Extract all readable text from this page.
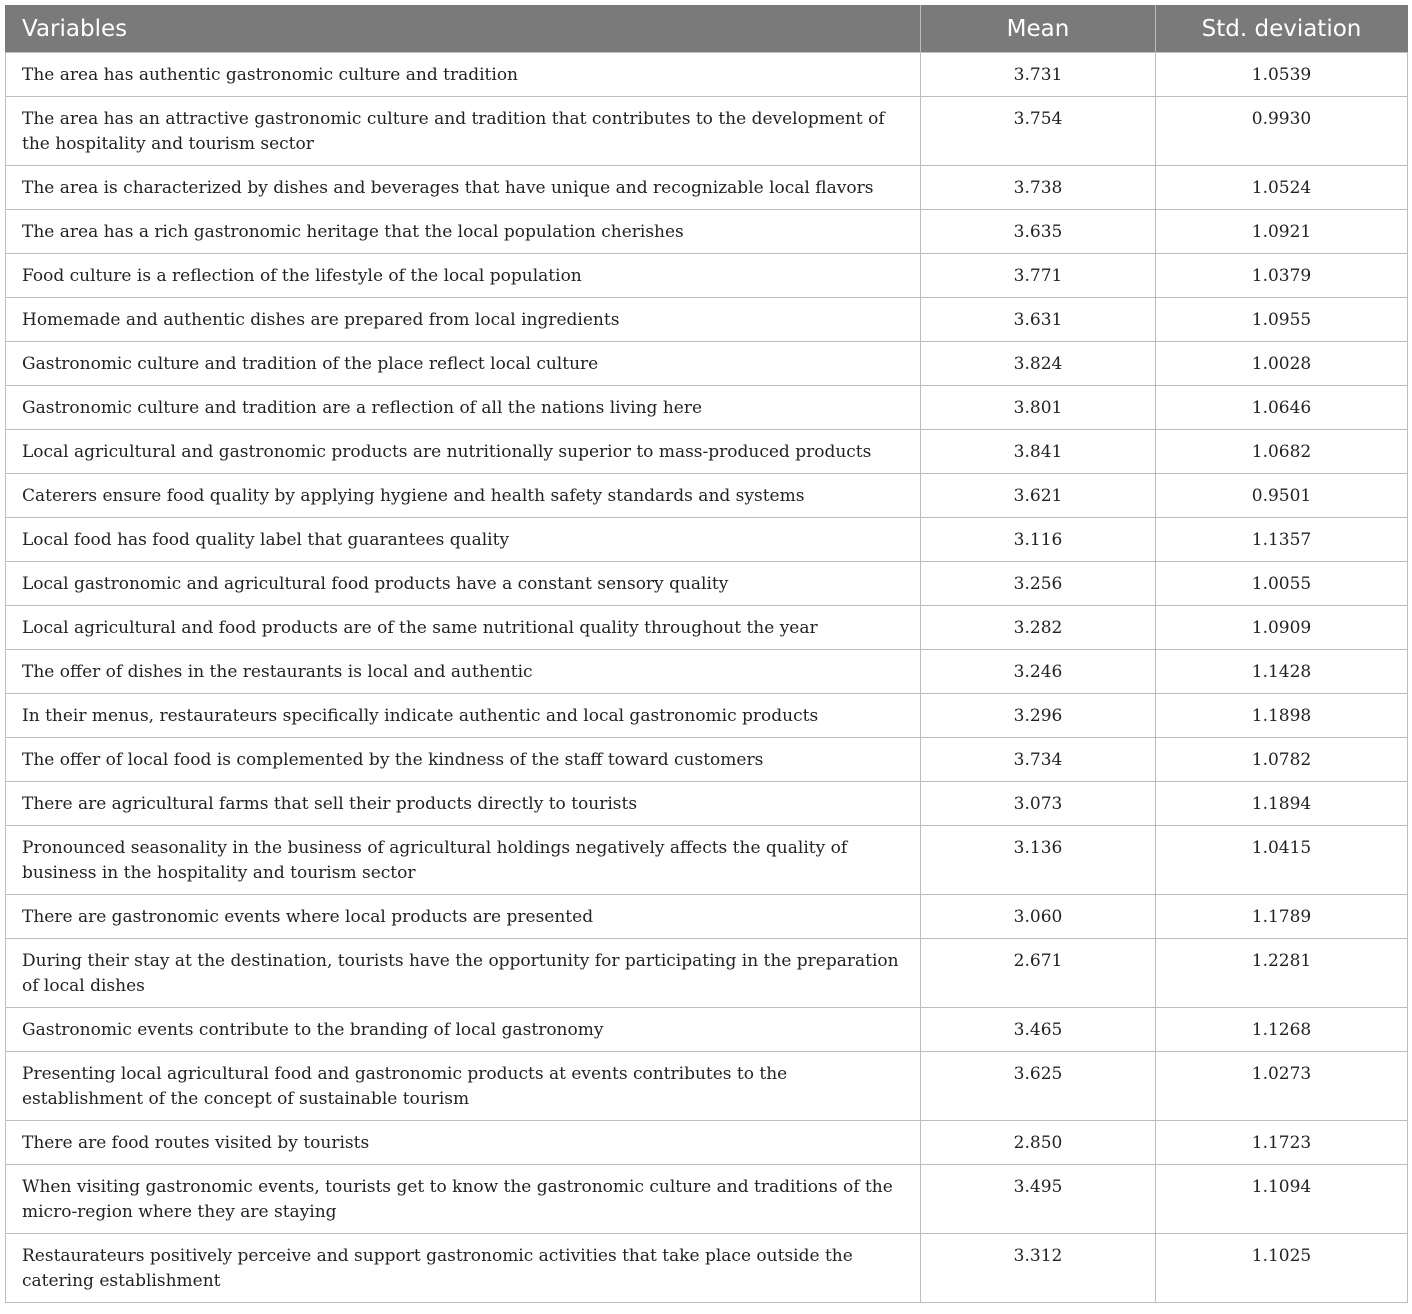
Variables	Mean	Std. deviation
The area has authentic gastronomic culture and tradition	3.731	1.0539
The area has an attractive gastronomic culture and tradition that contributes to the development of the hospitality and tourism sector	3.754	0.9930
The area is characterized by dishes and beverages that have unique and recognizable local flavors	3.738	1.0524
The area has a rich gastronomic heritage that the local population cherishes	3.635	1.0921
Food culture is a reflection of the lifestyle of the local population	3.771	1.0379
Homemade and authentic dishes are prepared from local ingredients	3.631	1.0955
Gastronomic culture and tradition of the place reflect local culture	3.824	1.0028
Gastronomic culture and tradition are a reflection of all the nations living here	3.801	1.0646
Local agricultural and gastronomic products are nutritionally superior to mass-produced products	3.841	1.0682
Caterers ensure food quality by applying hygiene and health safety standards and systems	3.621	0.9501
Local food has food quality label that guarantees quality	3.116	1.1357
Local gastronomic and agricultural food products have a constant sensory quality	3.256	1.0055
Local agricultural and food products are of the same nutritional quality throughout the year	3.282	1.0909
The offer of dishes in the restaurants is local and authentic	3.246	1.1428
In their menus, restaurateurs specifically indicate authentic and local gastronomic products	3.296	1.1898
The offer of local food is complemented by the kindness of the staff toward customers	3.734	1.0782
There are agricultural farms that sell their products directly to tourists	3.073	1.1894
Pronounced seasonality in the business of agricultural holdings negatively affects the quality of business in the hospitality and tourism sector	3.136	1.0415
There are gastronomic events where local products are presented	3.060	1.1789
During their stay at the destination, tourists have the opportunity for participating in the preparation of local dishes	2.671	1.2281
Gastronomic events contribute to the branding of local gastronomy	3.465	1.1268
Presenting local agricultural food and gastronomic products at events contributes to the establishment of the concept of sustainable tourism	3.625	1.0273
There are food routes visited by tourists	2.850	1.1723
When visiting gastronomic events, tourists get to know the gastronomic culture and traditions of the micro-region where they are staying	3.495	1.1094
Restaurateurs positively perceive and support gastronomic activities that take place outside the catering establishment	3.312	1.1025
